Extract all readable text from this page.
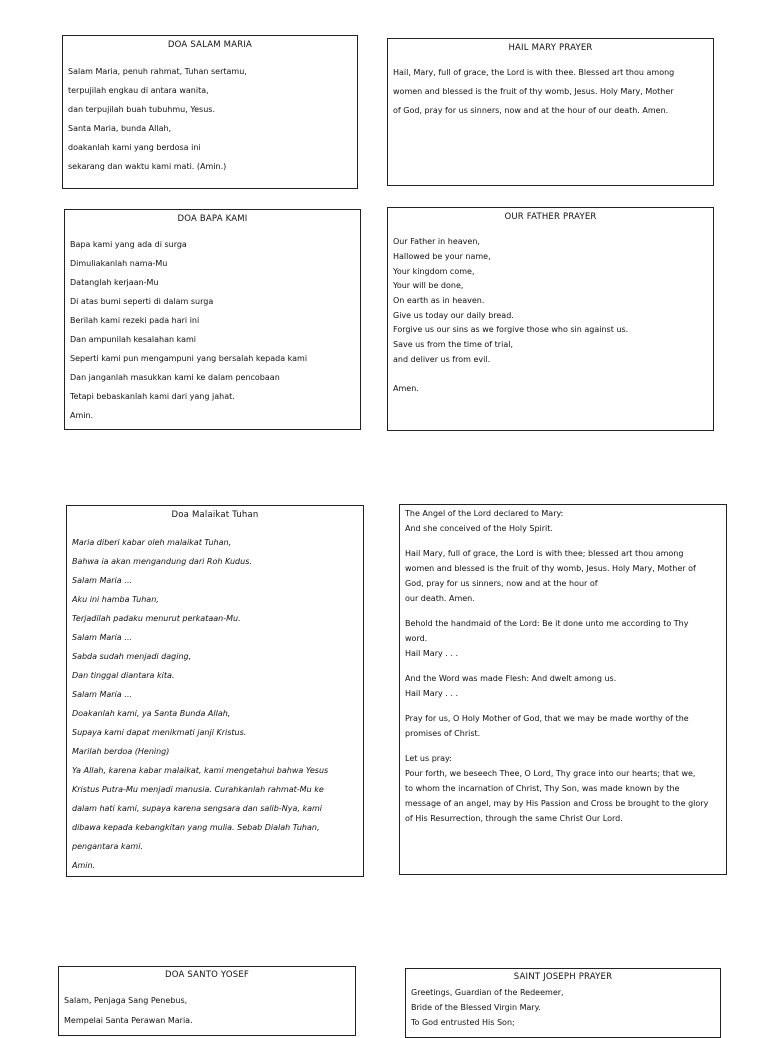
DOA SALAM MARIA
Salam Maria, penuh rahmat, Tuhan sertamu,
terpujilah engkau di antara wanita,
dan terpujilah buah tubuhmu, Yesus.
Santa Maria, bunda Allah,
doakanlah kami yang berdosa ini
sekarang dan waktu kami mati. (Amin.)
HAIL MARY PRAYER
Hail, Mary, full of grace, the Lord is with thee. Blessed art thou among
women and blessed is the fruit of thy womb, Jesus. Holy Mary, Mother
of God, pray for us sinners, now and at the hour of our death. Amen.
DOA BAPA KAMI
Bapa kami yang ada di surga
Dimuliakanlah nama-Mu
Datanglah kerjaan-Mu
Di atas bumi seperti di dalam surga
Berilah kami rezeki pada hari ini
Dan ampunilah kesalahan kami
Seperti kami pun mengampuni yang bersalah kepada kami
Dan janganlah masukkan kami ke dalam pencobaan
Tetapi bebaskanlah kami dari yang jahat.
Amin.
OUR FATHER PRAYER
Our Father in heaven,
Hallowed be your name,
Your kingdom come,
Your will be done,
On earth as in heaven.
Give us today our daily bread.
Forgive us our sins as we forgive those who sin against us.
Save us from the time of trial,
and deliver us from evil.
Amen.
Doa Malaikat Tuhan
Maria diberi kabar oleh malaikat Tuhan,
Bahwa ia akan mengandung dari Roh Kudus.
Salam Maria …
Aku ini hamba Tuhan,
Terjadilah padaku menurut perkataan-Mu.
Salam Maria …
Sabda sudah menjadi daging,
Dan tinggal diantara kita.
Salam Maria …
Doakanlah kami, ya Santa Bunda Allah,
Supaya kami dapat menikmati janji Kristus.
Marilah berdoa (Hening)
Ya Allah, karena kabar malaikat, kami mengetahui bahwa Yesus
Kristus Putra-Mu menjadi manusia. Curahkanlah rahmat-Mu ke
dalam hati kami, supaya karena sengsara dan salib-Nya, kami
dibawa kepada kebangkitan yang mulia. Sebab Dialah Tuhan,
pengantara kami.
Amin.
The Angel of the Lord declared to Mary:
And she conceived of the Holy Spirit.
Hail Mary, full of grace, the Lord is with thee; blessed art thou among
women and blessed is the fruit of thy womb, Jesus. Holy Mary, Mother of
God, pray for us sinners, now and at the hour of
our death. Amen.
Behold the handmaid of the Lord: Be it done unto me according to Thy
word.
Hail Mary . . .
And the Word was made Flesh: And dwelt among us.
Hail Mary . . .
Pray for us, O Holy Mother of God, that we may be made worthy of the
promises of Christ.
Let us pray:
Pour forth, we beseech Thee, O Lord, Thy grace into our hearts; that we,
to whom the incarnation of Christ, Thy Son, was made known by the
message of an angel, may by His Passion and Cross be brought to the glory
of His Resurrection, through the same Christ Our Lord.
DOA SANTO YOSEF
Salam, Penjaga Sang Penebus,
Mempelai Santa Perawan Maria.
SAINT JOSEPH PRAYER
Greetings, Guardian of the Redeemer,
Bride of the Blessed Virgin Mary.
To God entrusted His Son;
